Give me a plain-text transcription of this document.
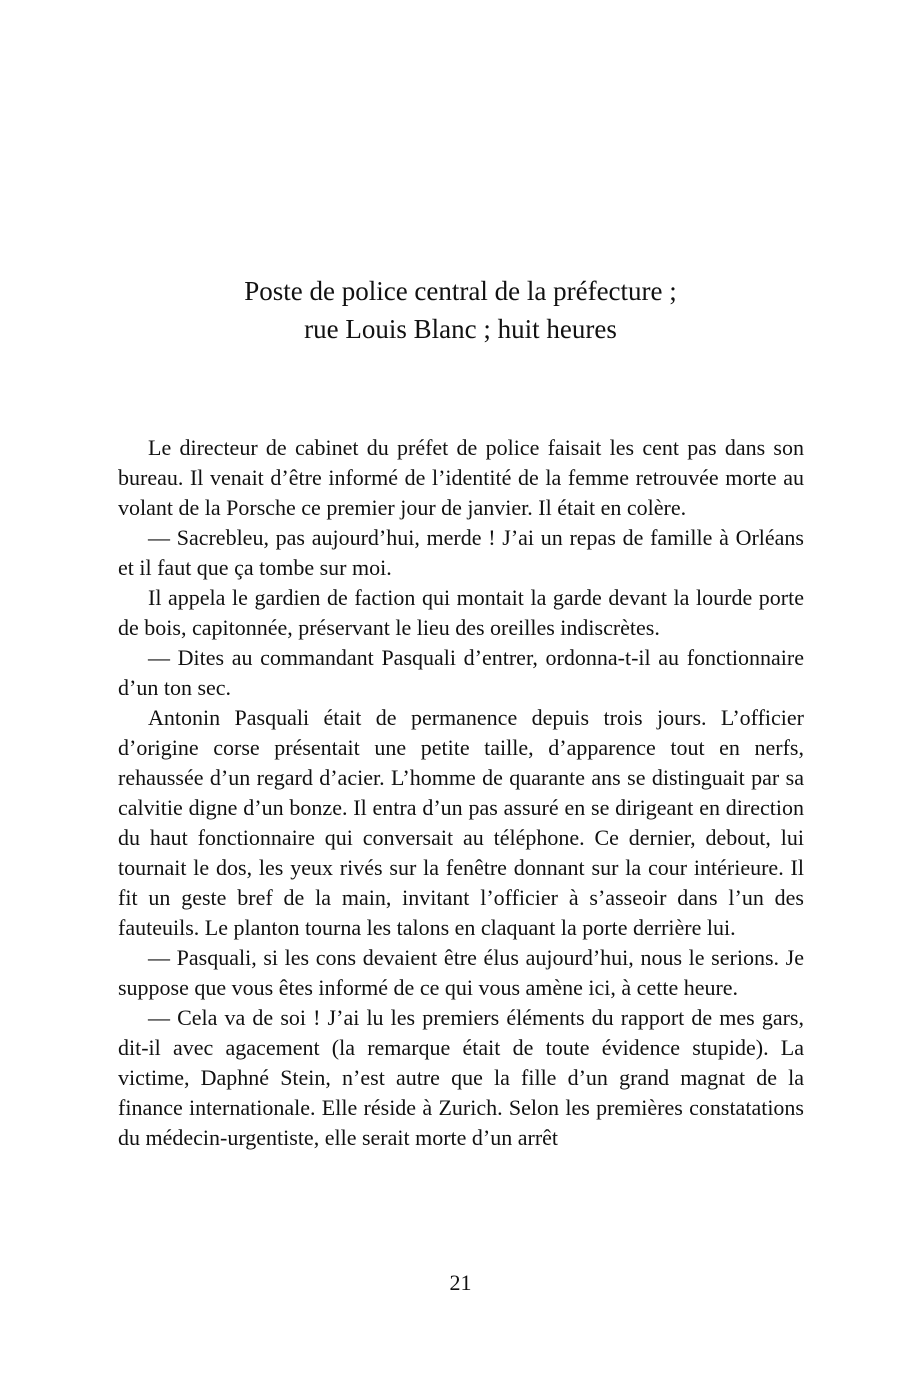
Poste de police central de la préfecture ;
rue Louis Blanc ; huit heures

Le directeur de cabinet du préfet de police faisait les cent pas dans son bureau. Il venait d’être informé de l’identité de la femme retrouvée morte au volant de la Porsche ce premier jour de janvier. Il était en colère.

— Sacrebleu, pas aujourd’hui, merde ! J’ai un repas de famille à Orléans et il faut que ça tombe sur moi.

Il appela le gardien de faction qui montait la garde devant la lourde porte de bois, capitonnée, préservant le lieu des oreilles indiscrètes.

— Dites au commandant Pasquali d’entrer, ordonna-t-il au fonctionnaire d’un ton sec.

Antonin Pasquali était de permanence depuis trois jours. L’officier d’origine corse présentait une petite taille, d’apparence tout en nerfs, rehaussée d’un regard d’acier. L’homme de quarante ans se distinguait par sa calvitie digne d’un bonze. Il entra d’un pas assuré en se dirigeant en direction du haut fonctionnaire qui conversait au téléphone. Ce dernier, debout, lui tournait le dos, les yeux rivés sur la fenêtre donnant sur la cour intérieure. Il fit un geste bref de la main, invitant l’officier à s’asseoir dans l’un des fauteuils. Le planton tourna les talons en claquant la porte derrière lui.

— Pasquali, si les cons devaient être élus aujourd’hui, nous le serions. Je suppose que vous êtes informé de ce qui vous amène ici, à cette heure.

— Cela va de soi ! J’ai lu les premiers éléments du rapport de mes gars, dit-il avec agacement (la remarque était de toute évidence stupide). La victime, Daphné Stein, n’est autre que la fille d’un grand magnat de la finance internationale. Elle réside à Zurich. Selon les premières constatations du médecin-urgentiste, elle serait morte d’un arrêt

21
